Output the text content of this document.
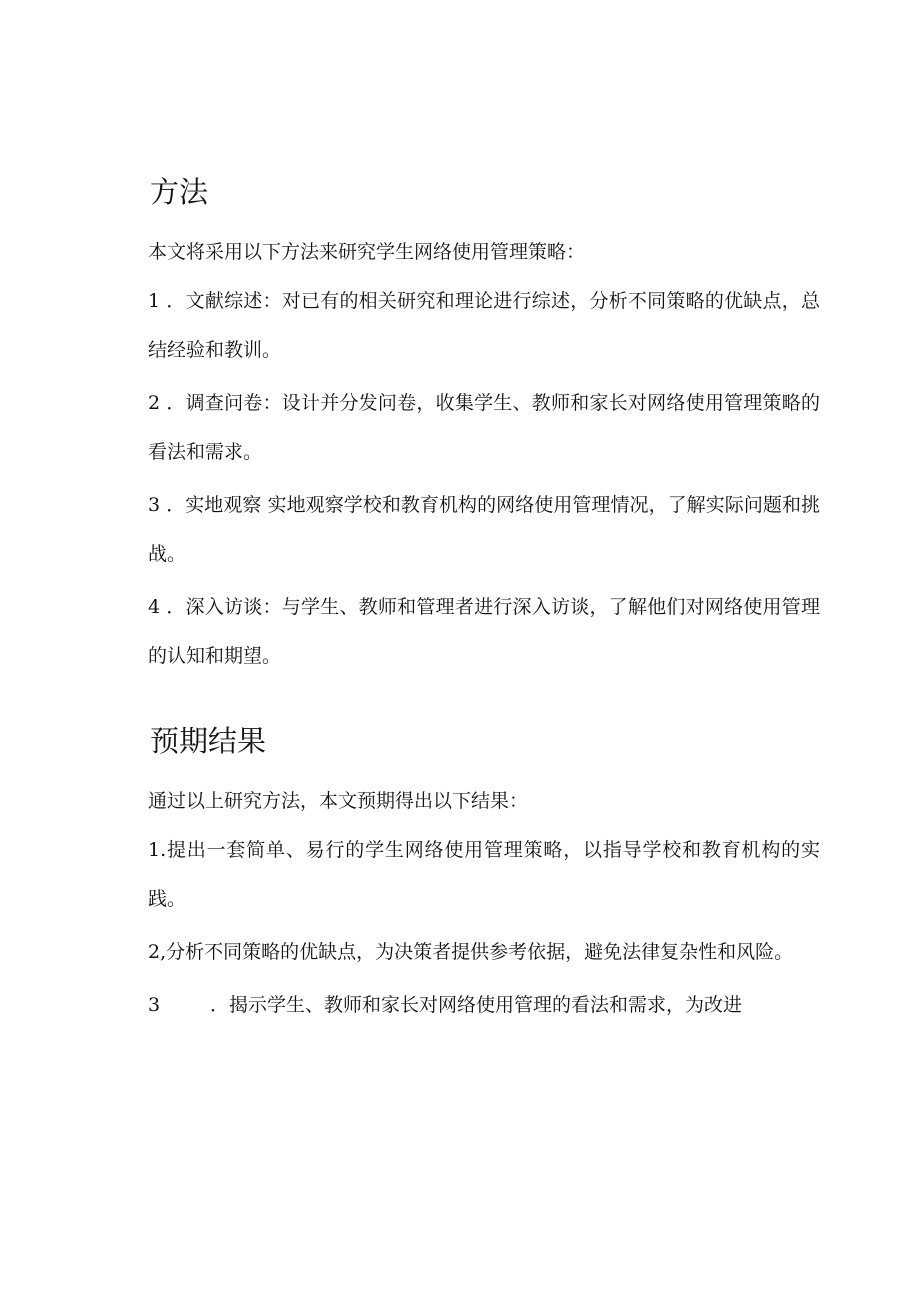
方法

本文将采用以下方法来研究学生网络使用管理策略：

1 ．文献综述：对已有的相关研究和理论进行综述，分析不同策略的优缺点，总结经验和教训。

2 ．调查问卷：设计并分发问卷，收集学生、教师和家长对网络使用管理策略的看法和需求。

3 ．实地观察 实地观察学校和教育机构的网络使用管理情况，了解实际问题和挑战。

4 ．深入访谈：与学生、教师和管理者进行深入访谈，了解他们对网络使用管理的认知和期望。

预期结果

通过以上研究方法，本文预期得出以下结果：

1.提出一套简单、易行的学生网络使用管理策略，以指导学校和教育机构的实践。

2,分析不同策略的优缺点，为决策者提供参考依据，避免法律复杂性和风险。

3	．揭示学生、教师和家长对网络使用管理的看法和需求，为改进
